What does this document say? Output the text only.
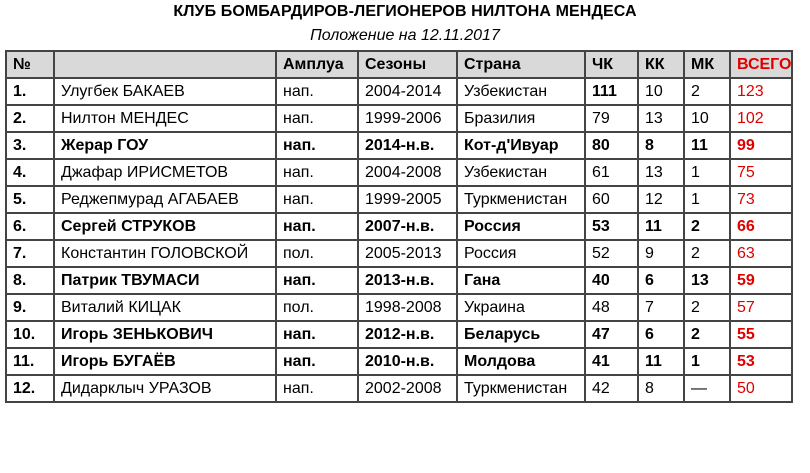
КЛУБ БОМБАРДИРОВ-ЛЕГИОНЕРОВ НИЛТОНА МЕНДЕСА
Положение на 12.11.2017
№		Амплуа	Сезоны	Страна	ЧК	КК	МК	ВСЕГО
1.	Улугбек БАКАЕВ	нап.	2004-2014	Узбекистан	111	10	2	123
2.	Нилтон МЕНДЕС	нап.	1999-2006	Бразилия	79	13	10	102
3.	Жерар ГОУ	нап.	2014-н.в.	Кот-д'Ивуар	80	8	11	99
4.	Джафар ИРИСМЕТОВ	нап.	2004-2008	Узбекистан	61	13	1	75
5.	Реджепмурад АГАБАЕВ	нап.	1999-2005	Туркменистан	60	12	1	73
6.	Сергей СТРУКОВ	нап.	2007-н.в.	Россия	53	11	2	66
7.	Константин ГОЛОВСКОЙ	пол.	2005-2013	Россия	52	9	2	63
8.	Патрик ТВУМАСИ	нап.	2013-н.в.	Гана	40	6	13	59
9.	Виталий КИЦАК	пол.	1998-2008	Украина	48	7	2	57
10.	Игорь ЗЕНЬКОВИЧ	нап.	2012-н.в.	Беларусь	47	6	2	55
11.	Игорь БУГАЁВ	нап.	2010-н.в.	Молдова	41	11	1	53
12.	Дидарклыч УРАЗОВ	нап.	2002-2008	Туркменистан	42	8	—	50
